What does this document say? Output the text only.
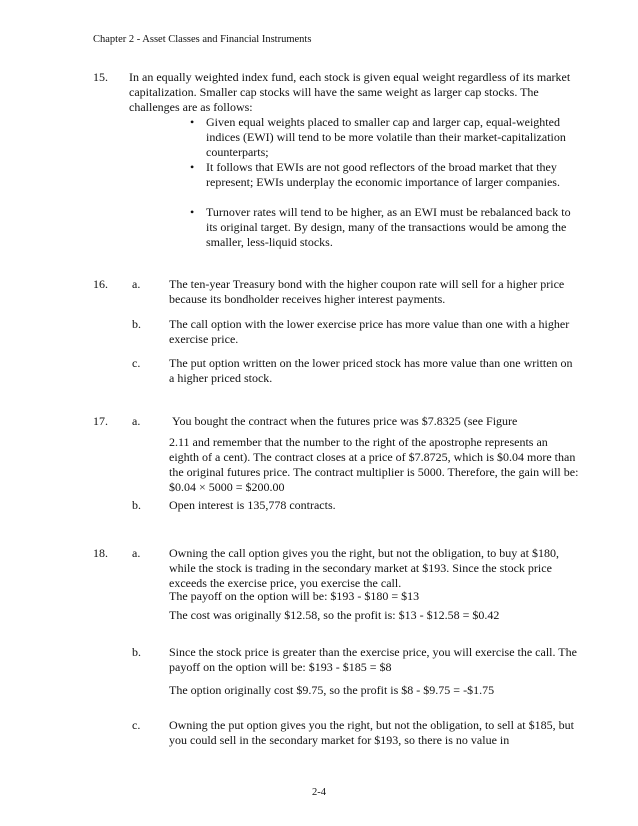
Chapter 2 - Asset Classes and Financial Instruments
15. In an equally weighted index fund, each stock is given equal weight regardless of its market capitalization. Smaller cap stocks will have the same weight as larger cap stocks. The challenges are as follows:
• Given equal weights placed to smaller cap and larger cap, equal-weighted indices (EWI) will tend to be more volatile than their market-capitalization counterparts;
• It follows that EWIs are not good reflectors of the broad market that they represent; EWIs underplay the economic importance of larger companies.
• Turnover rates will tend to be higher, as an EWI must be rebalanced back to its original target. By design, many of the transactions would be among the smaller, less-liquid stocks.
16. a. The ten-year Treasury bond with the higher coupon rate will sell for a higher price because its bondholder receives higher interest payments.
b. The call option with the lower exercise price has more value than one with a higher exercise price.
c. The put option written on the lower priced stock has more value than one written on a higher priced stock.
17. a.	You bought the contract when the futures price was $7.8325 (see Figure
2.11 and remember that the number to the right of the apostrophe represents an eighth of a cent). The contract closes at a price of $7.8725, which is $0.04 more than the original futures price. The contract multiplier is 5000. Therefore, the gain will be: $0.04 × 5000 = $200.00
b. Open interest is 135,778 contracts.
18. a. Owning the call option gives you the right, but not the obligation, to buy at $180, while the stock is trading in the secondary market at $193. Since the stock price exceeds the exercise price, you exercise the call.
The payoff on the option will be: $193 - $180 = $13
The cost was originally $12.58, so the profit is: $13 - $12.58 = $0.42
b. Since the stock price is greater than the exercise price, you will exercise the call. The payoff on the option will be: $193 - $185 = $8
The option originally cost $9.75, so the profit is $8 - $9.75 = -$1.75
c. Owning the put option gives you the right, but not the obligation, to sell at $185, but you could sell in the secondary market for $193, so there is no value in
2-4
